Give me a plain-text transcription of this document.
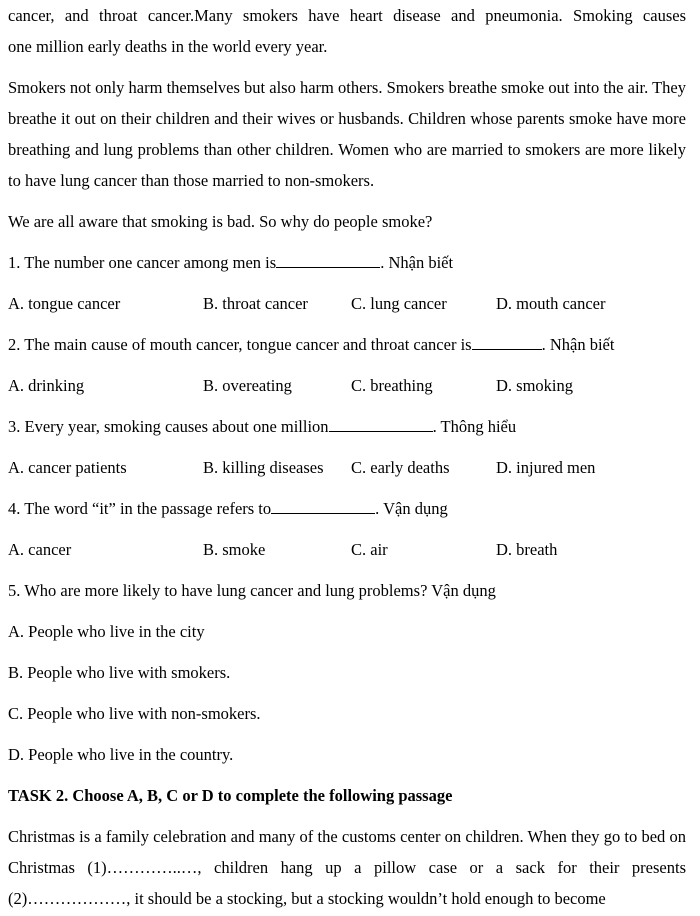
cancer, and throat cancer.Many smokers have heart disease and pneumonia. Smoking causes

one million early deaths in the world every year.

Smokers not only harm themselves but also harm others. Smokers breathe smoke out into the air. They breathe it out on their children and their wives or husbands. Children whose parents smoke have more breathing and lung problems than other children. Women who are married to smokers are more likely to have lung cancer than those married to non-smokers.

We are all aware that smoking is bad. So why do people smoke?

1. The number one cancer among men is	. Nhận biết

A. tongue cancer	B. throat cancer	C. lung cancer	D. mouth cancer

2. The main cause of mouth cancer, tongue cancer and throat cancer is	. Nhận biết

A. drinking	B. overeating	C. breathing	D. smoking

3. Every year, smoking causes about one million	. Thông hiểu

A. cancer patients	B. killing diseases C. early deaths	D. injured men

4. The word “it” in the passage refers to	. Vận dụng

A. cancer	B. smoke	C. air	D. breath

5. Who are more likely to have lung cancer and lung problems? Vận dụng

A. People who live in the city

B. People who live with smokers.

C. People who live with non-smokers.

D. People who live in the country.

TASK 2. Choose A, B, C or D to complete the following passage

Christmas is a family celebration and many of the customs center on children. When they go to bed on Christmas (1)…………..…, children hang up a pillow case or a sack for their presents (2)………………, it should be a stocking, but a stocking wouldn’t hold enough to become
